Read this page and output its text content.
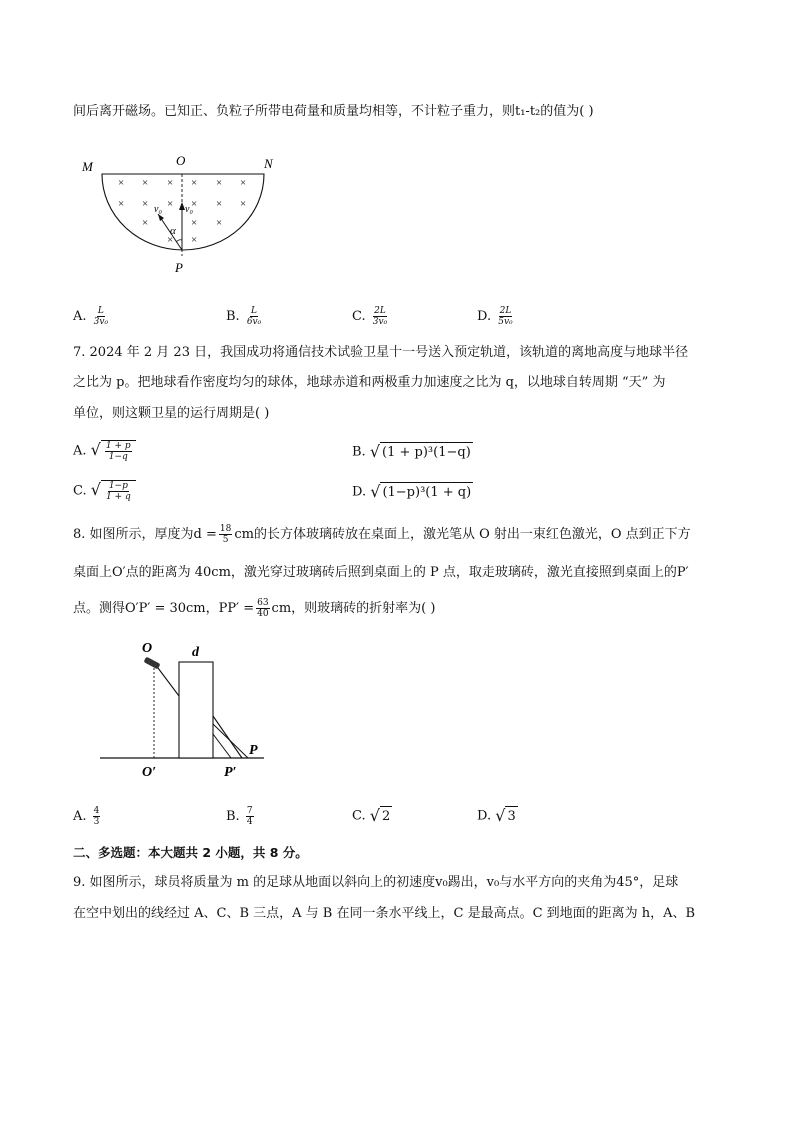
间后离开磁场。已知正、负粒子所带电荷量和质量均相等，不计粒子重力，则t₁-t₂的值为( )
× × × × × ×
× × × × × ×
×	× ×
×
×
M	O	N
P
v₀ v₀
α
A. $\frac{L}{\text{3v₀}}$	B. $\frac{L}{\text{6v₀}}$	C. $\frac{2L}{\text{3v₀}}$	D. $\frac{2L}{\text{5v₀}}$
7. 2024 年 2 月 23 日，我国成功将通信技术试验卫星十一号送入预定轨道，该轨道的离地高度与地球半径
之比为 p。把地球看作密度均匀的球体，地球赤道和两极重力加速度之比为 q，以地球自转周期 “天” 为
单位，则这颗卫星的运行周期是( )
A. √ $\frac{1 + p}{1-q}$	B. √ (1 + p)³(1−q)
C. √ $\frac{1-p}{1 + q}$	D. √ (1−p)³(1 + q)
8. 如图所示，厚度为$d = \frac{18}{5}$ cm的长方体玻璃砖放在桌面上，激光笔从 O 射出一束红色激光，O 点到正下方
桌面上O′点的距离为 40cm，激光穿过玻璃砖后照到桌面上的 P 点，取走玻璃砖，激光直接照到桌面上的P′
点。测得O′P′ = 30cm，$PP' = \frac{63}{40}$ cm，则玻璃砖的折射率为( )
O	d
O′	P′
P
A. $\frac{4}{3}$	B. $\frac{7}{4}$	C. √ 2	D. √ 3
二、多选题：本大题共 2 小题，共 8 分。
9. 如图所示，球员将质量为 m 的足球从地面以斜向上的初速度v₀踢出，v₀与水平方向的夹角为45°，足球
在空中划出的线经过 A、C、B 三点，A 与 B 在同一条水平线上，C 是最高点。C 到地面的距离为 h，A、B
